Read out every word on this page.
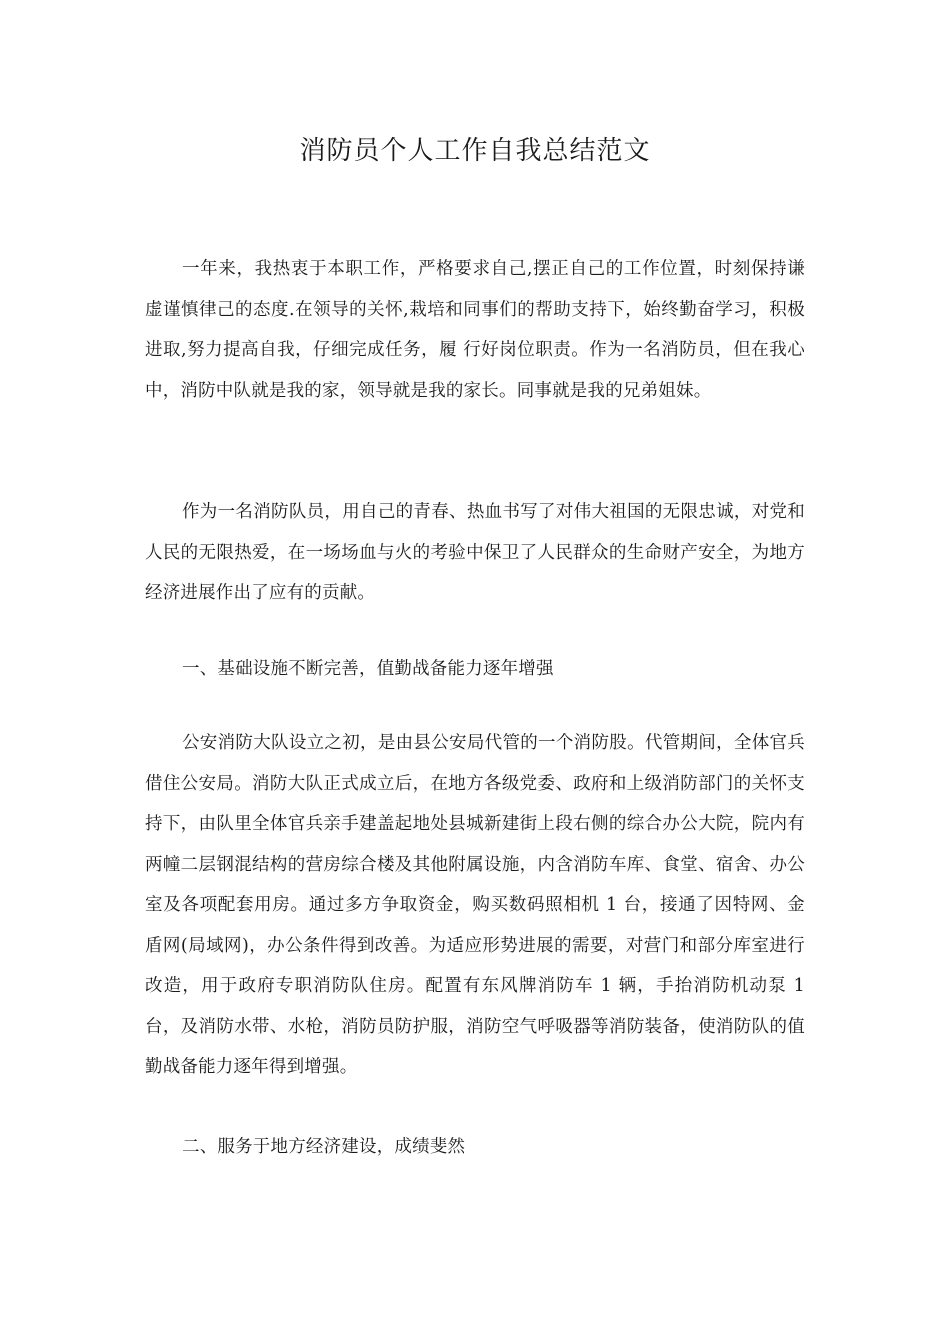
消防员个人工作自我总结范文

一年来，我热衷于本职工作，严格要求自己,摆正自己的工作位置，时刻保持谦 虚谨慎律己的态度.在领导的关怀,栽培和同事们的帮助支持下，始终勤奋学习，积极进取,努力提高自我，仔细完成任务，履 行好岗位职责。作为一名消防员，但在我心中，消防中队就是我的家，领导就是我的家长。同事就是我的兄弟姐妹。

作为一名消防队员，用自己的青春、热血书写了对伟大祖国的无限忠诚，对党和人民的无限热爱，在一场场血与火的考验中保卫了人民群众的生命财产安全，为地方经济进展作出了应有的贡献。

一、基础设施不断完善，值勤战备能力逐年增强

公安消防大队设立之初，是由县公安局代管的一个消防股。代管期间，全体官兵借住公安局。消防大队正式成立后，在地方各级党委、政府和上级消防部门的关怀支持下，由队里全体官兵亲手建盖起地处县城新建街上段右侧的综合办公大院，院内有两幢二层钢混结构的营房综合楼及其他附属设施，内含消防车库、食堂、宿舍、办公室及各项配套用房。通过多方争取资金，购买数码照相机 1 台，接通了因特网、金盾网(局域网)，办公条件得到改善。为适应形势进展的需要，对营门和部分库室进行改造，用于政府专职消防队住房。配置有东风牌消防车 1 辆，手抬消防机动泵 1 台，及消防水带、水枪，消防员防护服，消防空气呼吸器等消防装备，使消防队的值勤战备能力逐年得到增强。

二、服务于地方经济建设，成绩斐然
